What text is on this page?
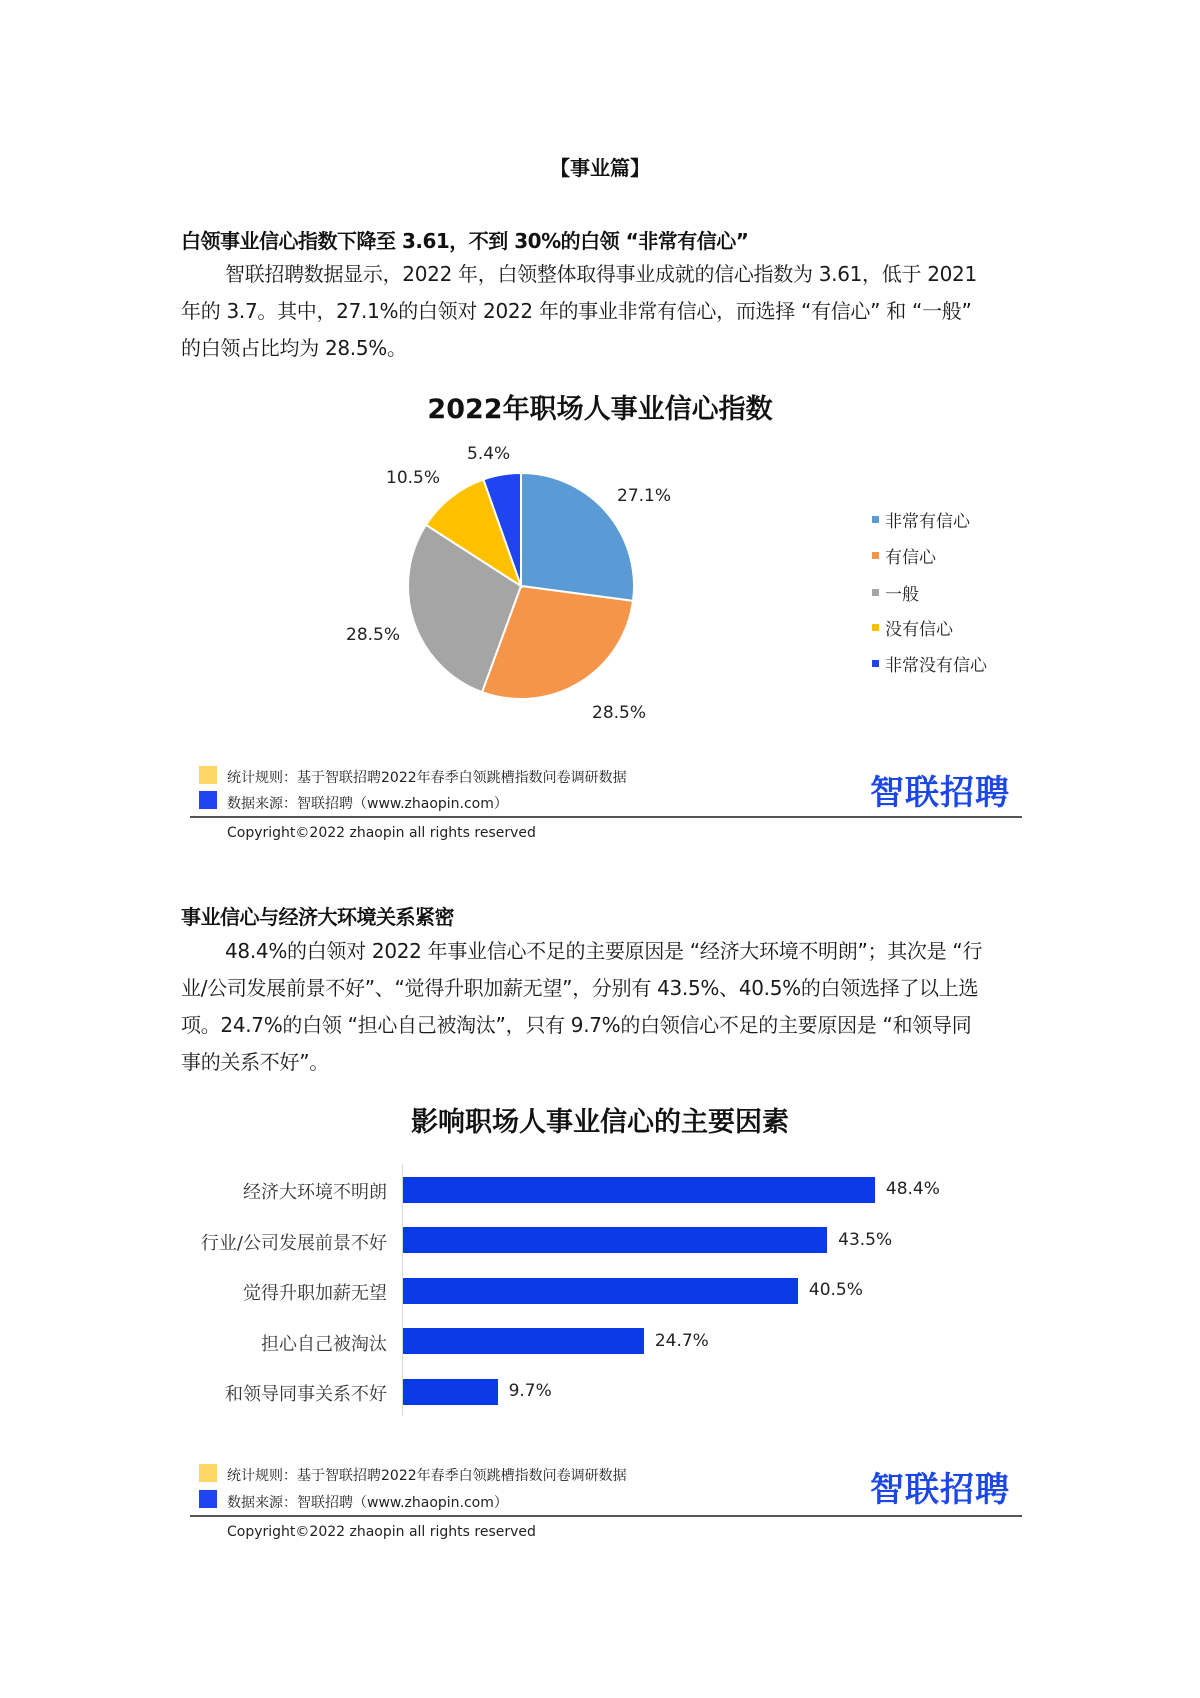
【事业篇】
白领事业信心指数下降至 3.61，不到 30%的白领 “非常有信心”
智联招聘数据显示，2022 年，白领整体取得事业成就的信心指数为 3.61，低于 2021
年的 3.7。其中，27.1%的白领对 2022 年的事业非常有信心，而选择 “有信心” 和 “一般”
的白领占比均为 28.5%。
2022年职场人事业信心指数
5.4%
10.5%
27.1%
28.5%
28.5%
非常有信心
有信心
一般
没有信心
非常没有信心
统计规则：基于智联招聘2022年春季白领跳槽指数问卷调研数据
数据来源：智联招聘（www.zhaopin.com）	智联招聘
Copyright©2022 zhaopin all rights reserved
事业信心与经济大环境关系紧密
48.4%的白领对 2022 年事业信心不足的主要原因是 “经济大环境不明朗”；其次是 “行
业/公司发展前景不好”、“觉得升职加薪无望”，分别有 43.5%、40.5%的白领选择了以上选
项。24.7%的白领 “担心自己被淘汰”，只有 9.7%的白领信心不足的主要原因是 “和领导同
事的关系不好”。
影响职场人事业信心的主要因素
经济大环境不明朗	48.4%
行业/公司发展前景不好	43.5%
觉得升职加薪无望	40.5%
担心自己被淘汰	24.7%
和领导同事关系不好	9.7%
统计规则：基于智联招聘2022年春季白领跳槽指数问卷调研数据
数据来源：智联招聘（www.zhaopin.com）	智联招聘
Copyright©2022 zhaopin all rights reserved
